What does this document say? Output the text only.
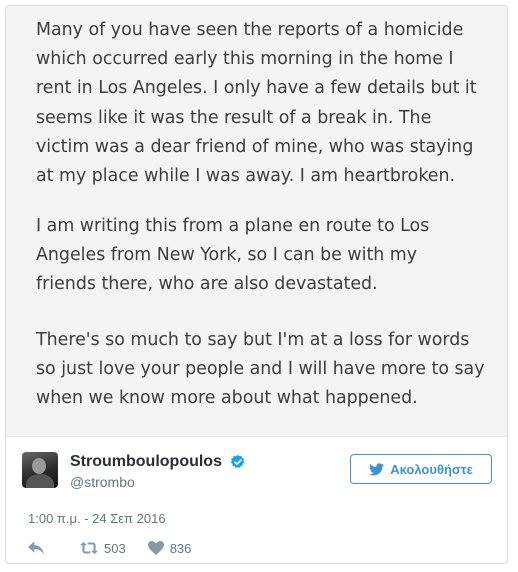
Many of you have seen the reports of a homicide
which occurred early this morning in the home I
rent in Los Angeles. I only have a few details but it
seems like it was the result of a break in. The
victim was a dear friend of mine, who was staying
at my place while I was away. I am heartbroken.

I am writing this from a plane en route to Los
Angeles from New York, so I can be with my
friends there, who are also devastated.

There's so much to say but I'm at a loss for words
so just love your people and I will have more to say
when we know more about what happened.

Stroumboulopoulos
@strombo
Ακολουθήστε
1:00 π.μ. - 24 Σεπ 2016
503	836
